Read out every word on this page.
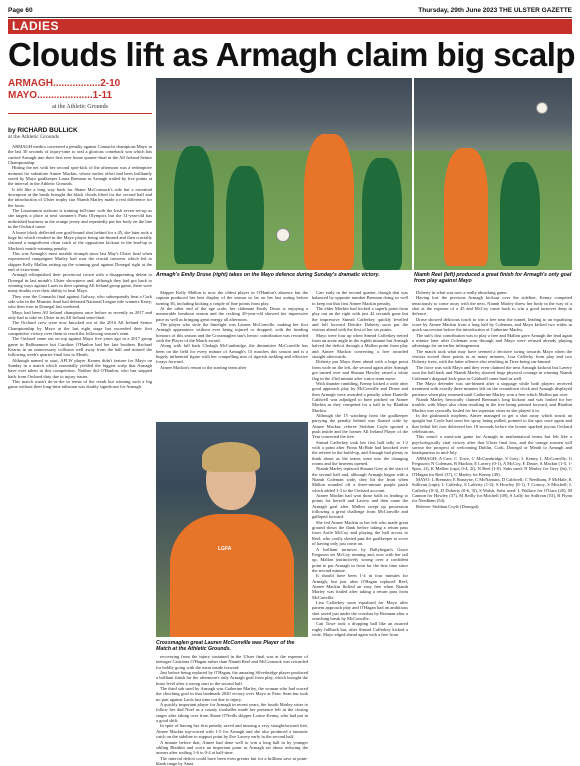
Page 60	Thursday, 29th June 2023 THE ULSTER GAZETTE
LADIES
Clouds lift as Armagh claim big scalp
ARMAGH.................2-10
MAYO....................1-11
at the Athletic Grounds
by RICHARD BULLICK
at the Athletic Grounds

ARMAGH medics converted a penalty against Connacht champions Mayo in the last 30 seconds of injury-time to seal a glorious comeback win which has carried Armagh into their first ever home quarter-final in the All Ireland Senior Championship.

Hitting the net with her second spot-kick of the afternoon was a redemptive moment for substitute Aimee Mackin, whose earlier effort had been brilliantly saved by Mayo goalkeeper Laura Brennan as Armagh trailed by five points at the interval in the Athletic Grounds.

It felt like a long way back for Shane McCormack's side but a torrential downpour at the break brought the black clouds lifted for the second half and the introduction of Ulster trophy star Niamh Marley made a real difference for the hosts.

The Lissummon stalwart is training full-time with the Irish seven set-up as she targets a place at next summer's Paris Olympics but the 31-year-old has unfinished business in the orange jersey and repeatedly put her body on the line in the Orchard cause.

A brave block deflected one goal-bound shot behind for a 45, she later took a huge hit which resulted in the Mayo player being sin-binned and then crucially claimed a magnificent clean catch of the opposition kickout in the lead-up to Mackin's match-winning penalty.

This was Armagh's most notable triumph since last May's Ulster final when experienced campaigner Marley had won the crucial turnover which led to skipper Kelly Mallon setting up the winning goal against Donegal right at the end of extra-time.

Armagh relinquished their provincial crown with a disappointing defeat to Donegal in last month's Ulster showpiece and, although they had got back to winning ways against Laois in their opening All Ireland group game, there were many doubts over their ability to beat Mayo.

They won the Connacht final against Galway, who subsequently beat a Cork side who in the Munster final had defeated National League title winners Kerry, who then won in Donegal last weekend.

Mayo had been All Ireland champions once before as recently as 2017 and only had to take on Ulster in an All Ireland semi-final.

The Orchard crew were now knocked out of the 2016 All Ireland Senior Championship by Mayo at the last eight stage but exceeded their first competitive victory over them to reach the following season's semi.

The Orchard came out on top against Mayo five years ago in a 2017 group game in Ballinamore but Caroline O'Hanlon had her late brothers Rachael Kearns in an unnecessary collision well away from the ball and missed the following week's quarter-final loss to Meath.

Although named to start, AFLW player Kearns didn't feature for Mayo on Sunday in a match which essentially yielded the biggest scalp that Armagh have ever taken in this competition. Neither did O'Hanlon, who has stepped back from Orchard duty due to injury issues.

This match wasn't do-or-die in terms of the result but winning such a big game without their long-time talisman was doubly significant for Armagh.

Armagh's Emily Druse (right) takes on the Mayo defence during Sunday's dramatic victory.	Niamh Reel (left) produced a great finish for Armagh's only goal from play against Mayo

Skipper Kelly Mallon is now the oldest player in O'Hanlon's absence but the captain produced her best display of the season so far on her last outing before turning 36, including kicking a couple of fine points from play.

At the other end of the age scale, her clubmate Emily Druse is enjoying a memorable breakout season and the crafting 20-year-old showed her impressive pace as well as bringing great energy all afternoon.

The player who stole the limelight was Lauren McConville, making her first Armagh appearance without ever being injured or dropped, with the heading honours of this season and the Crossmaglen star's heroic contribution was rewarded with the Player of the Match award.

Along with full back Clodagh McCambridge, the dimunitive McConville has been on the field for every minute of Armagh's 13 matches this season and is a hugely influential figure with her compelling mix of tigerish tackling and effective forays forward.

Aimee Mackin's return to the starting team after

LGFA
Crossmaglen great Lauren McConville was Player of the Match at the Athletic Grounds.

recovering from the injury sustained in the Ulster final was at the expense of teenager Caitriona O'Hagan rather than Niamh Reel and McCormack was rewarded for boldly going with the extra inside forward.

Just before being replaced by O'Hagan, the amazing Silverbridge player produced a brilliant finish for the afternoon's only Armagh goal from play, which brought the hosts level after a strong start to the second half.

The third sub used by Armagh was Catherine Marley, the woman who had scored the clinching goal in that landmark 2020 victory over Mayo at Pairc Sean but took no part against Laois last time out due to injury.

A quickly important player for Armagh in recent years, the fourth Marley sister to follow her dad Noel as a county footballer made her presence felt in the closing stages after taking over from Shane O'Neills skipper Louise Kenny, who had put in a good shift.

In spite of having her first penalty saved and missing a very straightforward free, Aimee Mackin top-scored with 1-5 for Armagh and she also produced a fantastic catch on the sideline to support point by Eve Lavery early in the second half.

A minute before that, Aimee had done well to win a long ball in by younger sibling Blaithin and score an important point as Armagh set about reducing the arrears after trailing 1-6 to 0-4 at half-time.

The interval deficit could have been even greater but for a brilliant save at point-blank range by Anna

Carr early in the second quarter, though that was balanced by opposite number Brennan doing so well to keep out that first Aimee Mackin penalty.

The elder Mackin had kicked a superb point from play out on the right with just 42 seconds gone but the impressive Sinead Cafferkey quickly levelled and full forward Deirdre Doherty soon put the visitors ahead with the first of her six points.

Mayo were four up when Sinead Cafferkey netted from an acute angle in the eighth minute but Armagh halved the deficit through a Mallon point from play and Aimee Mackin converting a free awarded straight afterwards.

Doherty put Mayo three ahead with a huge point from wide on the left, the second again after Armagh got turned over and Shauna Howley raised a white flag in the 23rd minute after a nice team move.

With thunder rumbling, Kenny kicked a wide after good approach play by McConville and Druse and then Armagh were awarded a penalty when Danielle Caldwell was adjudged to have pitched on Aimee Mackin as they competed for a ball in by Blaithin Mackin.

Although the 15 watching from the goalkeeper parrying the penalty behind was floated wide by Aimee Mackin, referee Siobhan Coyle spotted a push inside and the former All Ireland Player of the Year converted the free.

Sinead Cafferkey took her first half tally to 1-2 with a point after Fiona McHale had knocked over the referee in the build-up, and Armagh had plenty to think about as the teams went into the changing rooms and the heavens opened.

Niamh Marley replaced Shauna Grey at the start of the second half and, although Armagh began with a Niamh Coleman wide, they hit the front when Mallon rounded off a three-minute purple patch which added 1-3 to the Orchard account.

Aimee Mackin had won those balls in leading to points for herself and Lavery and then came the Armagh goal after Mallon swept up possession following a great challenge from McConville and galloped forward.

She fed Aimee Mackin to her left who made great ground down the flank before taking a return pass from Aoife McCoy and playing the ball across to Reel, who coolly slotted past the goalkeeper to score of having only just come on.

A brilliant turnover by Ballyhegan's Grace Ferguson set McCoy running and, now with her tail up, Mallon instinctively wrong over a confident point to put Armagh in front for the first time since the second minute.

It should have been 1-4 in four minutes for Armagh, but just after O'Hagan replaced Reel, Aimee Mackin fluffed an easy free when Niamh Marley was fouled after taking a return pass from McConville.

Lisa Cafferkey soon equalised for Mayo after patient approach play and O'Hagan had an ambitious shot saved just under the crossbar by Brennan after a searching break by McConville.

Cait Towe took a dropping ball like an assured rugby fullback but, after Sinead Cafferkey kicked a wide, Mayo edged ahead again with a free from

Doherty in what was now a really absorbing game.

Having lost the previous Armagh kickout over the sideline, Kenny competed tenaciously to come away with the next, Niamh Marley threw her body in the way of a shot at the expense of a 45 and McCoy came back to win a good turnover deep in defence.

Druse showed delicious touch to win a free near the tunnel, leading to an equalising score by Aimee Mackin from a long ball by Coleman, and Mayo kicked two wides in quick succession before the introduction of Catherine Marley.

The sub's first contribution was to play a free and Mallon gave Armagh the lead again a minute later after Coleman won through and Mayo were refused already playing advantage for an earlier infringement.

The match took what may have seemed a decisive swing towards Mayo when the visitors scored three points in as many minutes, Lisa Cafferky from play and two Doherty frees, with the latter offence also resulting in Tiree being sin-binned.

The force was with Mayo and they even claimed the next Armagh kickout but Lavery won the ball back and Niamh Marley showed huge physical courage in winning Niamh Coleman's diagonal kick-pass as Caldwell came hard as well.

The Mayo defender was sin-binned after a stoppage while both players received treatment with exactly three minutes left on the countdown clock and Armagh displayed patience when play resumed until Catherine Marley won a free which Mallon put over.

Niamh Marley heroically claimed Brennan's long kickout and was fouled for her trouble, with Mayo also clean resulting in the free being pointed forward, and Blaithin Mackin was cynically fouled for her superstar sister as she played it in.

In the goalmouth mayhem, Aimee managed to get a shot away which struck an upright but Coyle had soon her spray being pulled, pointed to the spot once again and that lethal left foot delivered her 18 seconds before the hooter sparked joyous Orchard celebrations.

This wasn't a must-win game for Armagh in mathematical terms but felt like a psychologically vital victory after that Ulster final loss, and the orange women will savour the prospect of welcoming Dublin, Cork, Donegal or Meath to Armagh and headquarters in mid-July.

ARMAGH: A Carr; C Towe, C McCambridge; S Grey; L Kenny, L McConville, G Ferguson; N Coleman, B Mackin; E Lavery (0-1), A McCoy, E Druse; A Mackin (1-5, 1-0pen, 2f), K Mallon (capt; 0-4, 2f), N Reel (1-0). Subs used: N Marley for Grey (ht), C O'Hagan for Reel (37), C Marley for Kenny (49).

MAYO: L Brennan; E Ronayne, C McNamara, D Caldwell; C Needham, F McHale, K Sullivan (capt); L Cafferky, S Lafferty (1-2); S Howley (0-1), T Conroy, S Mitchell; L Cafferky (0-3), D Doherty (0-6, 3f), S Walsh. Subs used: L Wallace for O'Gara (20), M Cannon for Howley (37), M Reilly for Mitchell (49), S Lally for Sullivan (53), R Flynn for Needham (54).

Referee: Siobhan Coyle (Donegal).
